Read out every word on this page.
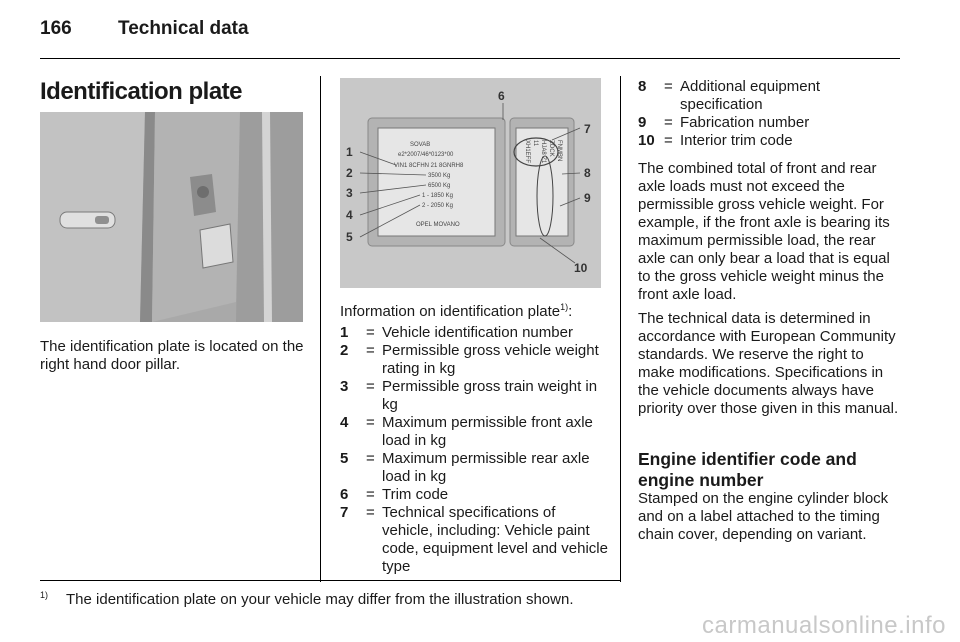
166 Technical data
Identification plate
The identification plate is located on the right hand door pillar.
SOVAB
e2*2007/46*0123*00
VIN1 8CFHN 21 8GNRH8
3500 Kg
6500 Kg
1 - 1850 Kg
2 - 2050 Kg
OPEL MOVANO
XH1EFF 11 HJA8 Z1 ZOCK FNMBN
1
2
3
4
5
6
7
8
9
10
Information on identification plate$^{1)}$:
1	= Vehicle identification number
2	= Permissible gross vehicle weight rating in kg
3	= Permissible gross train weight in kg
4	= Maximum permissible front axle load in kg
5	= Maximum permissible rear axle load in kg
6	= Trim code
7	= Technical specifications of vehicle, including: Vehicle paint code, equipment level and vehicle type
8	= Additional equipment specification
9	= Fabrication number
10 = Interior trim code
The combined total of front and rear axle loads must not exceed the permissible gross vehicle weight. For example, if the front axle is bearing its maximum permissible load, the rear axle can only bear a load that is equal to the gross vehicle weight minus the front axle load.
The technical data is determined in accordance with European Community standards. We reserve the right to make modifications. Specifications in the vehicle documents always have priority over those given in this manual.
Engine identifier code and engine number
Stamped on the engine cylinder block and on a label attached to the timing chain cover, depending on variant.
$^{1)}$ The identification plate on your vehicle may differ from the illustration shown.
carmanualsonline.info
